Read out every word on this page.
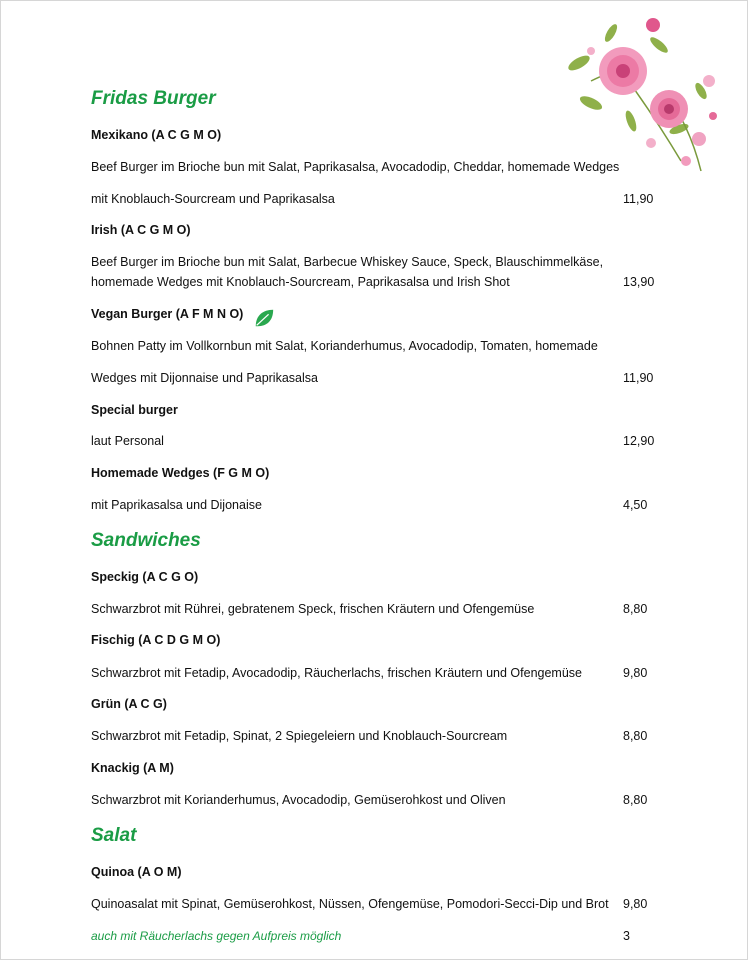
Fridas Burger
Mexikano (A C G M O)
Beef Burger im Brioche bun mit Salat, Paprikasalsa, Avocadodip, Cheddar, homemade Wedges
mit Knoblauch-Sourcream und Paprikasalsa	11,90
Irish (A C G M O)
Beef Burger im Brioche bun mit Salat, Barbecue Whiskey Sauce, Speck, Blauschimmelkäse,
homemade Wedges mit Knoblauch-Sourcream, Paprikasalsa und Irish Shot	13,90
Vegan Burger (A F M N O)
Bohnen Patty im Vollkornbun mit Salat, Korianderhumus, Avocadodip, Tomaten, homemade
Wedges mit Dijonnaise und Paprikasalsa	11,90
Special burger
laut Personal	12,90
Homemade Wedges (F G M O)
mit Paprikasalsa und Dijonaise	4,50
Sandwiches
Speckig (A C G O)
Schwarzbrot mit Rührei, gebratenem Speck, frischen Kräutern und Ofengemüse	8,80
Fischig (A C D G M O)
Schwarzbrot mit Fetadip, Avocadodip, Räucherlachs, frischen Kräutern und Ofengemüse	9,80
Grün (A C G)
Schwarzbrot mit Fetadip, Spinat, 2 Spiegeleiern und Knoblauch-Sourcream	8,80
Knackig (A M)
Schwarzbrot mit Korianderhumus, Avocadodip, Gemüserohkost und Oliven	8,80
Salat
Quinoa (A O M)
Quinoasalat mit Spinat, Gemüserohkost, Nüssen, Ofengemüse, Pomodori-Secci-Dip und Brot 9,80
auch mit Räucherlachs gegen Aufpreis möglich	3
